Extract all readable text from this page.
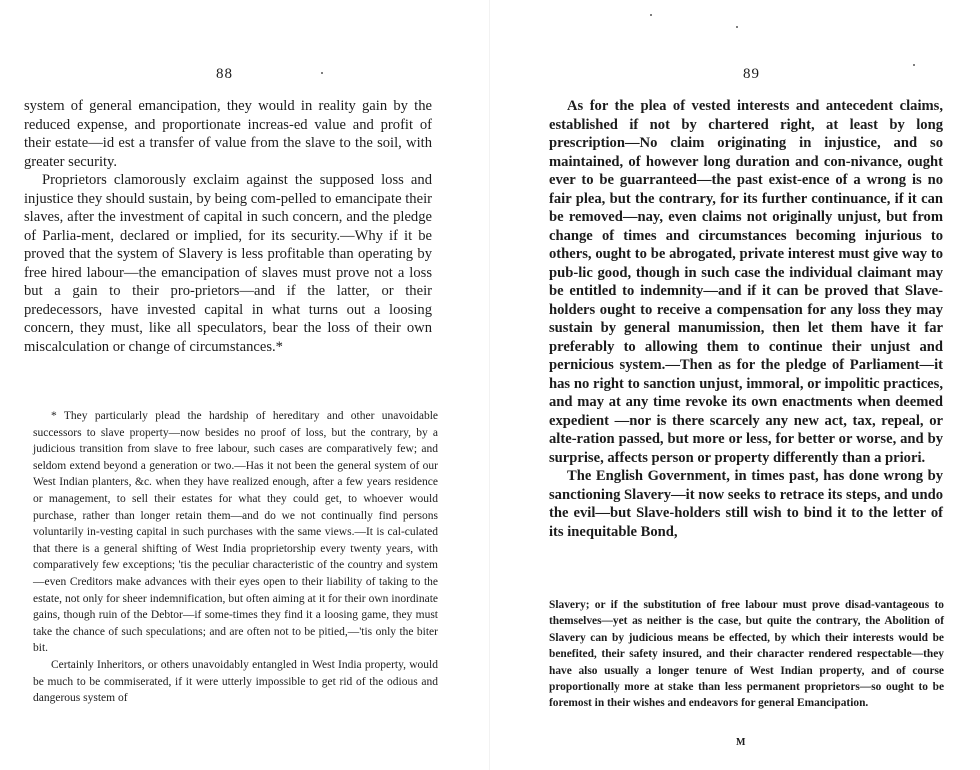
88

system of general emancipation, they would in reality gain by the reduced expense, and proportionate increas-ed value and profit of their estate—id est a transfer of value from the slave to the soil, with greater security.

Proprietors clamorously exclaim against the supposed loss and injustice they should sustain, by being com-pelled to emancipate their slaves, after the investment of capital in such concern, and the pledge of Parlia-ment, declared or implied, for its security.—Why if it be proved that the system of Slavery is less profitable than operating by free hired labour—the emancipation of slaves must prove not a loss but a gain to their pro-prietors—and if the latter, or their predecessors, have invested capital in what turns out a loosing concern, they must, like all speculators, bear the loss of their own miscalculation or change of circumstances.*

* They particularly plead the hardship of hereditary and other unavoidable successors to slave property—now besides no proof of loss, but the contrary, by a judicious transition from slave to free labour, such cases are comparatively few; and seldom extend beyond a generation or two.—Has it not been the general system of our West Indian planters, &c. when they have realized enough, after a few years residence or management, to sell their estates for what they could get, to whoever would purchase, rather than longer retain them—and do we not continually find persons voluntarily in-vesting capital in such purchases with the same views.—It is cal-culated that there is a general shifting of West India proprietorship every twenty years, with comparatively few exceptions; 'tis the peculiar characteristic of the country and system—even Creditors make advances with their eyes open to their liability of taking to the estate, not only for sheer indemnification, but often aiming at it for their own inordinate gains, though ruin of the Debtor—if some-times they find it a loosing game, they must take the chance of such speculations; and are often not to be pitied,—'tis only the biter bit.

Certainly Inheritors, or others unavoidably entangled in West India property, would be much to be commiserated, if it were utterly impossible to get rid of the odious and dangerous system of

89

As for the plea of vested interests and antecedent claims, established if not by chartered right, at least by long prescription—No claim originating in injustice, and so maintained, of however long duration and con-nivance, ought ever to be guarranteed—the past exist-ence of a wrong is no fair plea, but the contrary, for its further continuance, if it can be removed—nay, even claims not originally unjust, but from change of times and circumstances becoming injurious to others, ought to be abrogated, private interest must give way to pub-lic good, though in such case the individual claimant may be entitled to indemnity—and if it can be proved that Slave-holders ought to receive a compensation for any loss they may sustain by general manumission, then let them have it far preferably to allowing them to continue their unjust and pernicious system.—Then as for the pledge of Parliament—it has no right to sanction unjust, immoral, or impolitic practices, and may at any time revoke its own enactments when deemed expedient —nor is there scarcely any new act, tax, repeal, or alte-ration passed, but more or less, for better or worse, and by surprise, affects person or property differently than a priori.

The English Government, in times past, has done wrong by sanctioning Slavery—it now seeks to retrace its steps, and undo the evil—but Slave-holders still wish to bind it to the letter of its inequitable Bond,

Slavery; or if the substitution of free labour must prove disad-vantageous to themselves—yet as neither is the case, but quite the contrary, the Abolition of Slavery can by judicious means be effected, by which their interests would be benefited, their safety insured, and their character rendered respectable—they have also usually a longer tenure of West Indian property, and of course proportionally more at stake than less permanent proprietors—so ought to be foremost in their wishes and endeavors for general Emancipation.

M
